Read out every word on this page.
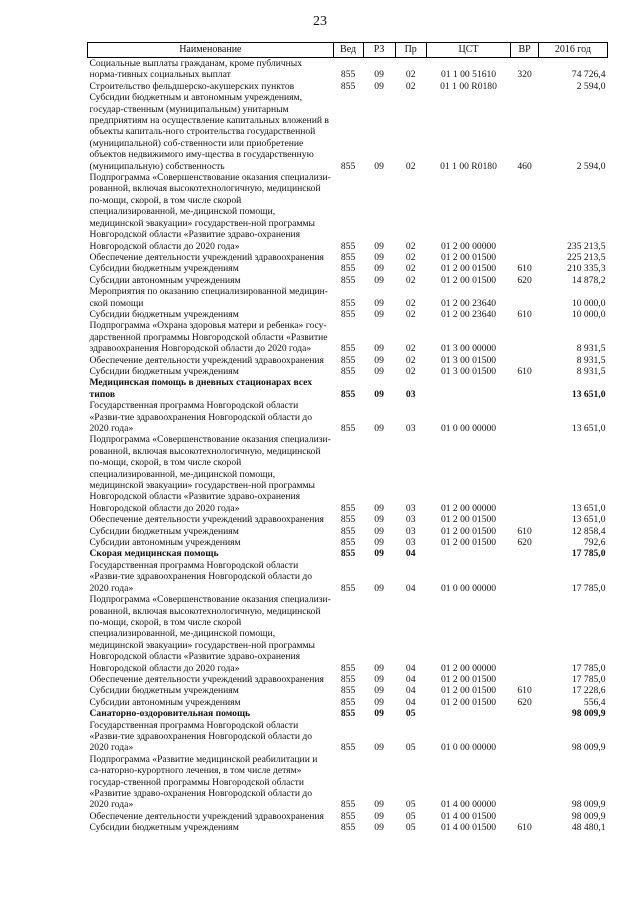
23
Наименование	Вед	РЗ	Пр	ЦСТ	ВР	2016 год
Социальные выплаты гражданам, кроме публичных норма-тивных социальных выплат	855	09	02	01 1 00 51610	320	74 726,4
Строительство фельдшерско-акушерских пунктов	855	09	02	01 1 00 R0180		2 594,0
Субсидии бюджетным и автономным учреждениям, государ-ственным (муниципальным) унитарным предприятиям на осуществление капитальных вложений в объекты капиталь-ного строительства государственной (муниципальной) соб-ственности или приобретение объектов недвижимого иму-щества в государственную (муниципальную) собственность	855	09	02	01 1 00 R0180	460	2 594,0
Подпрограмма «Совершенствование оказания специализи-рованной, включая высокотехнологичную, медицинской по-мощи, скорой, в том числе скорой специализированной, ме-дицинской помощи, медицинской эвакуации» государствен-ной программы Новгородской области «Развитие здраво-охранения Новгородской области до 2020 года»	855	09	02	01 2 00 00000		235 213,5
Обеспечение деятельности учреждений здравоохранения	855	09	02	01 2 00 01500		225 213,5
Субсидии бюджетным учреждениям	855	09	02	01 2 00 01500	610	210 335,3
Субсидии автономным учреждениям	855	09	02	01 2 00 01500	620	14 878,2
Мероприятия по оказанию специализированной медицин-ской помощи	855	09	02	01 2 00 23640		10 000,0
Субсидии бюджетным учреждениям	855	09	02	01 2 00 23640	610	10 000,0
Подпрограмма «Охрана здоровья матери и ребенка» госу-дарственной программы Новгородской области «Развитие здравоохранения Новгородской области до 2020 года»	855	09	02	01 3 00 00000		8 931,5
Обеспечение деятельности учреждений здравоохранения	855	09	02	01 3 00 01500		8 931,5
Субсидии бюджетным учреждениям	855	09	02	01 3 00 01500	610	8 931,5
Медицинская помощь в дневных стационарах всех типов	855	09	03			13 651,0
Государственная программа Новгородской области «Разви-тие здравоохранения Новгородской области до 2020 года»	855	09	03	01 0 00 00000		13 651,0
Подпрограмма «Совершенствование оказания специализи-рованной, включая высокотехнологичную, медицинской по-мощи, скорой, в том числе скорой специализированной, ме-дицинской помощи, медицинской эвакуации» государствен-ной программы Новгородской области «Развитие здраво-охранения Новгородской области до 2020 года»	855	09	03	01 2 00 00000		13 651,0
Обеспечение деятельности учреждений здравоохранения	855	09	03	01 2 00 01500		13 651,0
Субсидии бюджетным учреждениям	855	09	03	01 2 00 01500	610	12 858,4
Субсидии автономным учреждениям	855	09	03	01 2 00 01500	620	792,6
Скорая медицинская помощь	855	09	04			17 785,0
Государственная программа Новгородской области «Разви-тие здравоохранения Новгородской области до 2020 года»	855	09	04	01 0 00 00000		17 785,0
Подпрограмма «Совершенствование оказания специализи-рованной, включая высокотехнологичную, медицинской по-мощи, скорой, в том числе скорой специализированной, ме-дицинской помощи, медицинской эвакуации» государствен-ной программы Новгородской области «Развитие здраво-охранения Новгородской области до 2020 года»	855	09	04	01 2 00 00000		17 785,0
Обеспечение деятельности учреждений здравоохранения	855	09	04	01 2 00 01500		17 785,0
Субсидии бюджетным учреждениям	855	09	04	01 2 00 01500	610	17 228,6
Субсидии автономным учреждениям	855	09	04	01 2 00 01500	620	556,4
Санаторно-оздоровительная помощь	855	09	05			98 009,9
Государственная программа Новгородской области «Разви-тие здравоохранения Новгородской области до 2020 года»	855	09	05	01 0 00 00000		98 009,9
Подпрограмма «Развитие медицинской реабилитации и са-наторно-курортного лечения, в том числе детям» государ-ственной программы Новгородской области «Развитие здраво-охранения Новгородской области до 2020 года»	855	09	05	01 4 00 00000		98 009,9
Обеспечение деятельности учреждений здравоохранения	855	09	05	01 4 00 01500		98 009,9
Субсидии бюджетным учреждениям	855	09	05	01 4 00 01500	610	48 480,1
